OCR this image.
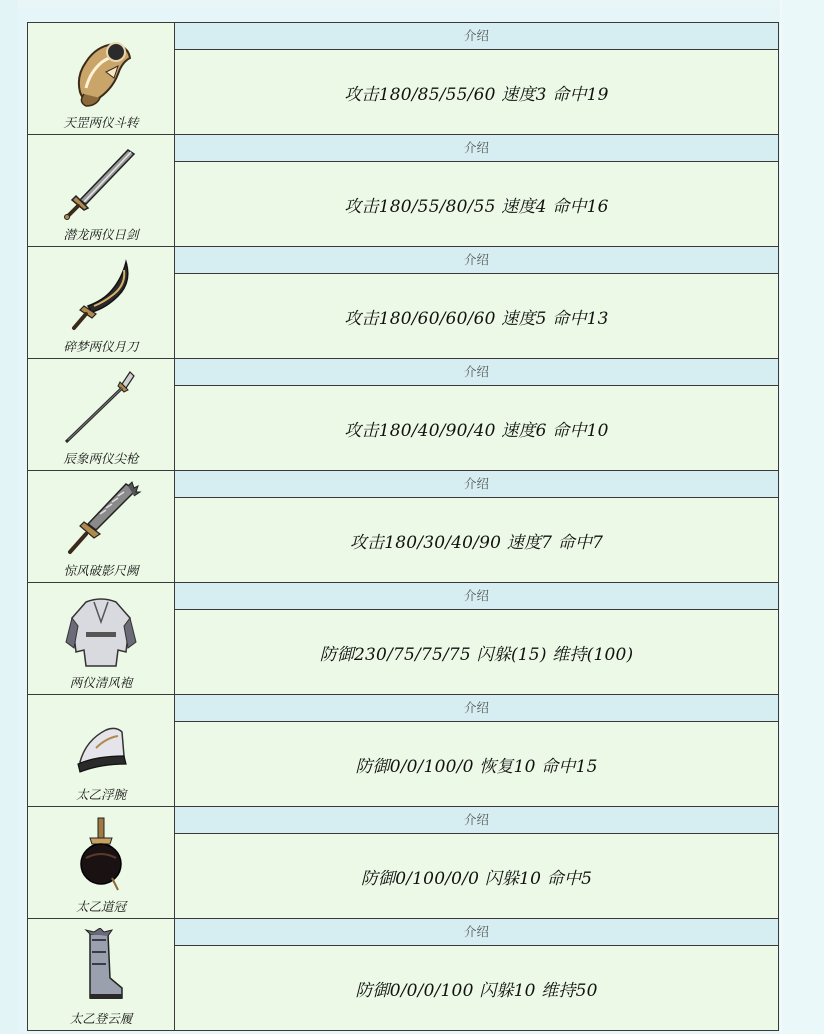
天罡两仪斗转	介绍
	攻击180/85/55/60 速度3 命中19

潜龙两仪日剑	介绍
	攻击180/55/80/55 速度4 命中16

碎梦两仪月刀	介绍
	攻击180/60/60/60 速度5 命中13

辰象两仪尖枪	介绍
	攻击180/40/90/40 速度6 命中10

惊风破影尺阙	介绍
	攻击180/30/40/90 速度7 命中7

两仪清风袍	介绍
	防御230/75/75/75 闪躲(15) 维持(100)

太乙浮腕	介绍
	防御0/0/100/0 恢复10 命中15

太乙道冠	介绍
	防御0/100/0/0 闪躲10 命中5

太乙登云履	介绍
	防御0/0/0/100 闪躲10 维持50
